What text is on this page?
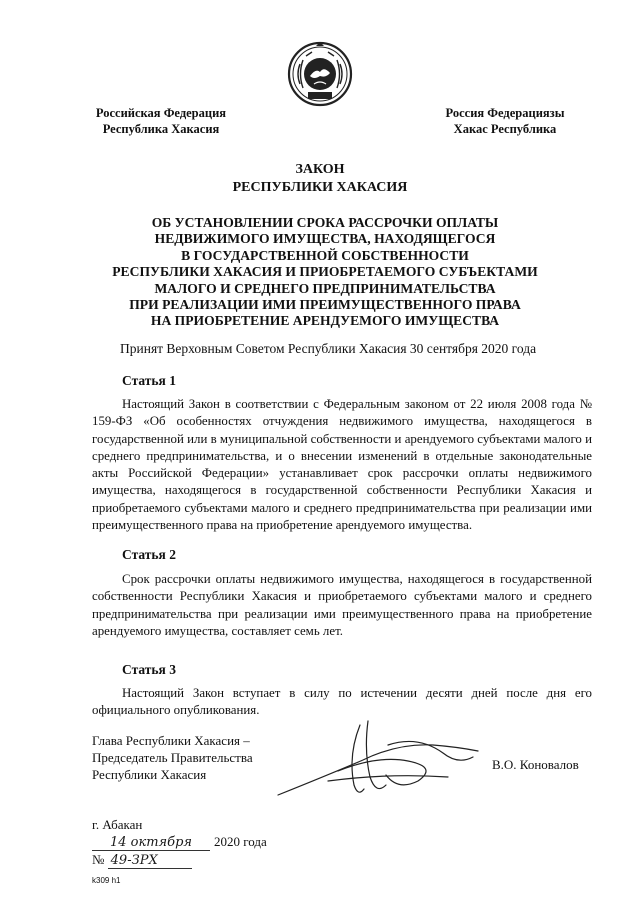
Российская Федерация
Республика Хакасия
Россия Федерациязы
Хакас Республика
ЗАКОН
РЕСПУБЛИКИ ХАКАСИЯ
ОБ УСТАНОВЛЕНИИ СРОКА РАССРОЧКИ ОПЛАТЫ
НЕДВИЖИМОГО ИМУЩЕСТВА, НАХОДЯЩЕГОСЯ
В ГОСУДАРСТВЕННОЙ СОБСТВЕННОСТИ
РЕСПУБЛИКИ ХАКАСИЯ И ПРИОБРЕТАЕМОГО СУБЪЕКТАМИ
МАЛОГО И СРЕДНЕГО ПРЕДПРИНИМАТЕЛЬСТВА
ПРИ РЕАЛИЗАЦИИ ИМИ ПРЕИМУЩЕСТВЕННОГО ПРАВА
НА ПРИОБРЕТЕНИЕ АРЕНДУЕМОГО ИМУЩЕСТВА
Принят Верховным Советом Республики Хакасия 30 сентября 2020 года
Статья 1

Настоящий Закон в соответствии с Федеральным законом от 22 июля 2008 года № 159-ФЗ «Об особенностях отчуждения недвижимого имущества, находящегося в государственной или в муниципальной собственности и арендуемого субъектами малого и среднего предпринимательства, и о внесении изменений в отдельные законодательные акты Российской Федерации» устанавливает срок рассрочки оплаты недвижимого имущества, находящегося в государственной собственности Республики Хакасия и приобретаемого субъектами малого и среднего предпринимательства при реализации ими преимущественного права на приобретение арендуемого имущества.

Статья 2

Срок рассрочки оплаты недвижимого имущества, находящегося в государственной собственности Республики Хакасия и приобретаемого субъектами малого и среднего предпринимательства при реализации ими преимущественного права на приобретение арендуемого имущества, составляет семь лет.

Статья 3

Настоящий Закон вступает в силу по истечении десяти дней после дня его официального опубликования.

Глава Республики Хакасия –
Председатель Правительства
Республики Хакасия
В.О. Коновалов
г. Абакан
14 октября 2020 года
№ 49-ЗРХ
k309 h1
